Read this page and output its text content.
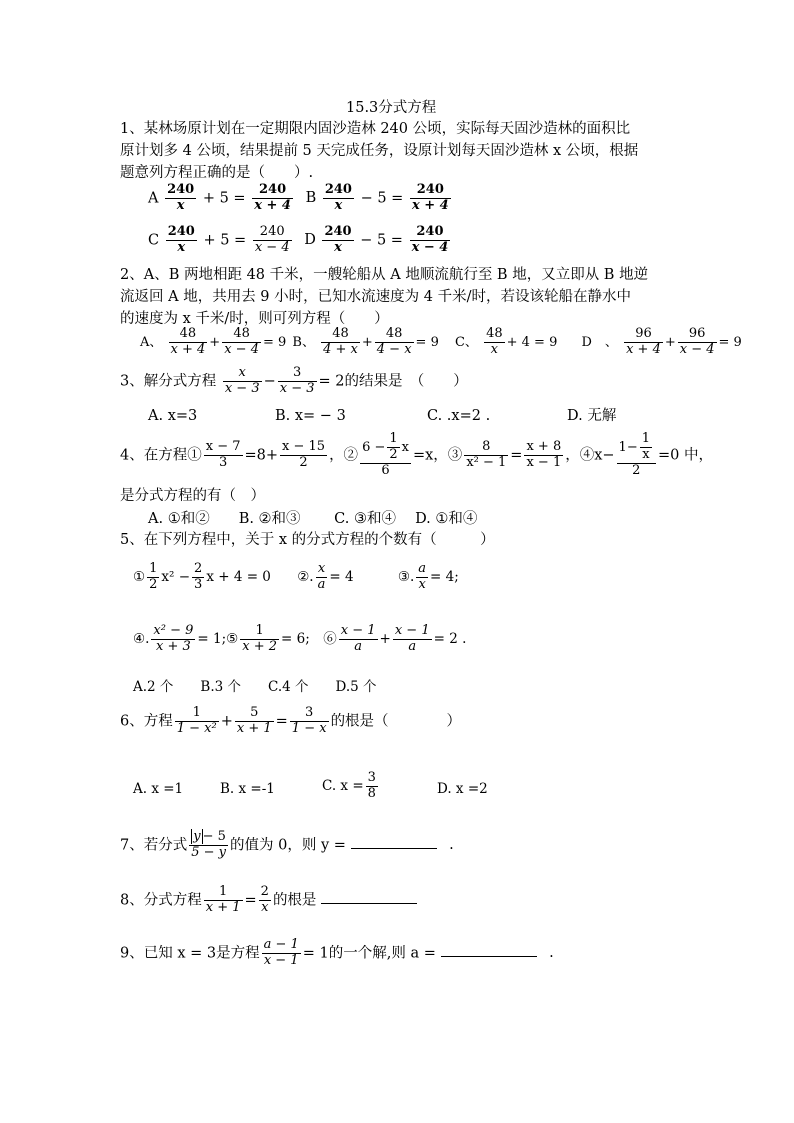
15.3分式方程
1、某林场原计划在一定期限内固沙造林 240 公顷，实际每天固沙造林的面积比
原计划多 4 公顷，结果提前 5 天完成任务，设原计划每天固沙造林 x 公顷，根据
题意列方程正确的是（　　）.
A $\frac{240}{x} + 5 = \frac{240}{x + 4}$ B $\frac{240}{x} - 5 = \frac{240}{x + 4}$
C $\frac{240}{x} + 5 = \frac{240}{x - 4}$ D $\frac{240}{x} - 5 = \frac{240}{x - 4}$
2、A、B 两地相距 48 千米，一艘轮船从 A 地顺流航行至 B 地，又立即从 B 地逆
流返回 A 地，共用去 9 小时，已知水流速度为 4 千米/时，若设该轮船在静水中
的速度为 x 千米/时，则可列方程（　　）
A、 $\frac{48}{x + 4} + \frac{48}{x - 4} = 9$ B、 $\frac{48}{4 + x} + \frac{48}{4 - x} = 9$ C、 $\frac{48}{x} + 4 = 9$ D　、 $\frac{96}{x + 4} + \frac{96}{x - 4} = 9$
3、解分式方程 $\frac{x}{x - 3} - \frac{3}{x - 3} = 2$的结果是　（　　）
A. x=3	B. x= − 3	C. .x=2 .	D. 无解
4、在方程① $\frac{x - 7}{3} =8+ \frac{x - 15}{2}$ ，② $\frac{6 - \frac{1}{2} x}{6} =x$，③ $\frac{8}{\text{x² − 1}} = \frac{x + 8}{x - 1}$ ，④x− $\frac{1- \frac{1}{x}}{2} =0$ 中，
是分式方程的有（　）
A. ①和②　　B. ②和③　　 C. ③和④　 D. ①和④
5、在下列方程中，关于 x 的分式方程的个数有（　　　）
① $\frac{1}{2} x^2 - \frac{2}{3}$ x + 4 = 0 ②. $\frac{x}{a} = 4$	③. $\frac{a}{x} = 4$;
④. $\frac{\text{x² − 9}}{x + 3}$ = 1;⑤ $\frac{1}{x + 2} = 6$;　⑥ $\frac{x - 1}{a} + \frac{x - 1}{a} = 2$ .
A.2 个　　B.3 个　　C.4 个　　D.5 个
6、方程 $\frac{1}{\text{1 − x²}} + \frac{5}{x + 1} = \frac{3}{1 - x}$ 的根是（　　　　）
A. x =1	B. x =-1	C. $x = \frac{3}{8}$	D. x =2
7、若分式 $\frac{y - 5}{5 - y}$ 的值为 0，则 y =	.
8、分式方程 $\frac{1}{x + 1} = \frac{2}{x}$ 的根是
9、已知 x = 3是方程 $\frac{a - 1}{x - 1} = 1$的一个解,则 a =	.
